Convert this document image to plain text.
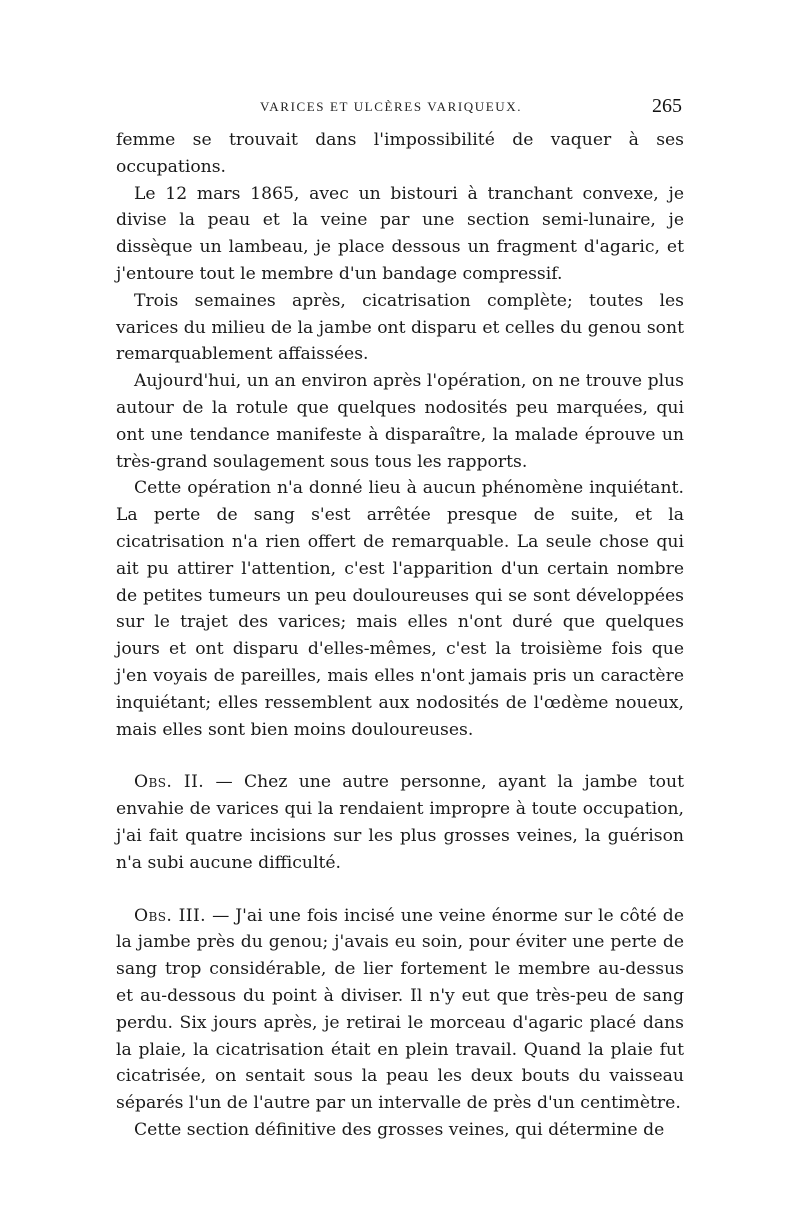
VARICES ET ULCÈRES VARIQUEUX.	265

femme se trouvait dans l'impossibilité de vaquer à ses occupations.

Le 12 mars 1865, avec un bistouri à tranchant convexe, je divise la peau et la veine par une section semi-lunaire, je dissèque un lambeau, je place dessous un fragment d'agaric, et j'entoure tout le membre d'un bandage compressif.

Trois semaines après, cicatrisation complète; toutes les varices du milieu de la jambe ont disparu et celles du genou sont remarquablement affaissées.

Aujourd'hui, un an environ après l'opération, on ne trouve plus autour de la rotule que quelques nodosités peu marquées, qui ont une tendance manifeste à disparaître, la malade éprouve un très-grand soulagement sous tous les rapports.

Cette opération n'a donné lieu à aucun phénomène inquiétant. La perte de sang s'est arrêtée presque de suite, et la cicatrisation n'a rien offert de remarquable. La seule chose qui ait pu attirer l'attention, c'est l'apparition d'un certain nombre de petites tumeurs un peu douloureuses qui se sont développées sur le trajet des varices; mais elles n'ont duré que quelques jours et ont disparu d'elles-mêmes, c'est la troisième fois que j'en voyais de pareilles, mais elles n'ont jamais pris un caractère inquiétant; elles ressemblent aux nodosités de l'œdème noueux, mais elles sont bien moins douloureuses.

Obs. II. — Chez une autre personne, ayant la jambe tout envahie de varices qui la rendaient impropre à toute occupation, j'ai fait quatre incisions sur les plus grosses veines, la guérison n'a subi aucune difficulté.

Obs. III. — J'ai une fois incisé une veine énorme sur le côté de la jambe près du genou; j'avais eu soin, pour éviter une perte de sang trop considérable, de lier fortement le membre au-dessus et au-dessous du point à diviser. Il n'y eut que très-peu de sang perdu. Six jours après, je retirai le morceau d'agaric placé dans la plaie, la cicatrisation était en plein travail. Quand la plaie fut cicatrisée, on sentait sous la peau les deux bouts du vaisseau séparés l'un de l'autre par un intervalle de près d'un centimètre.

Cette section définitive des grosses veines, qui détermine de
